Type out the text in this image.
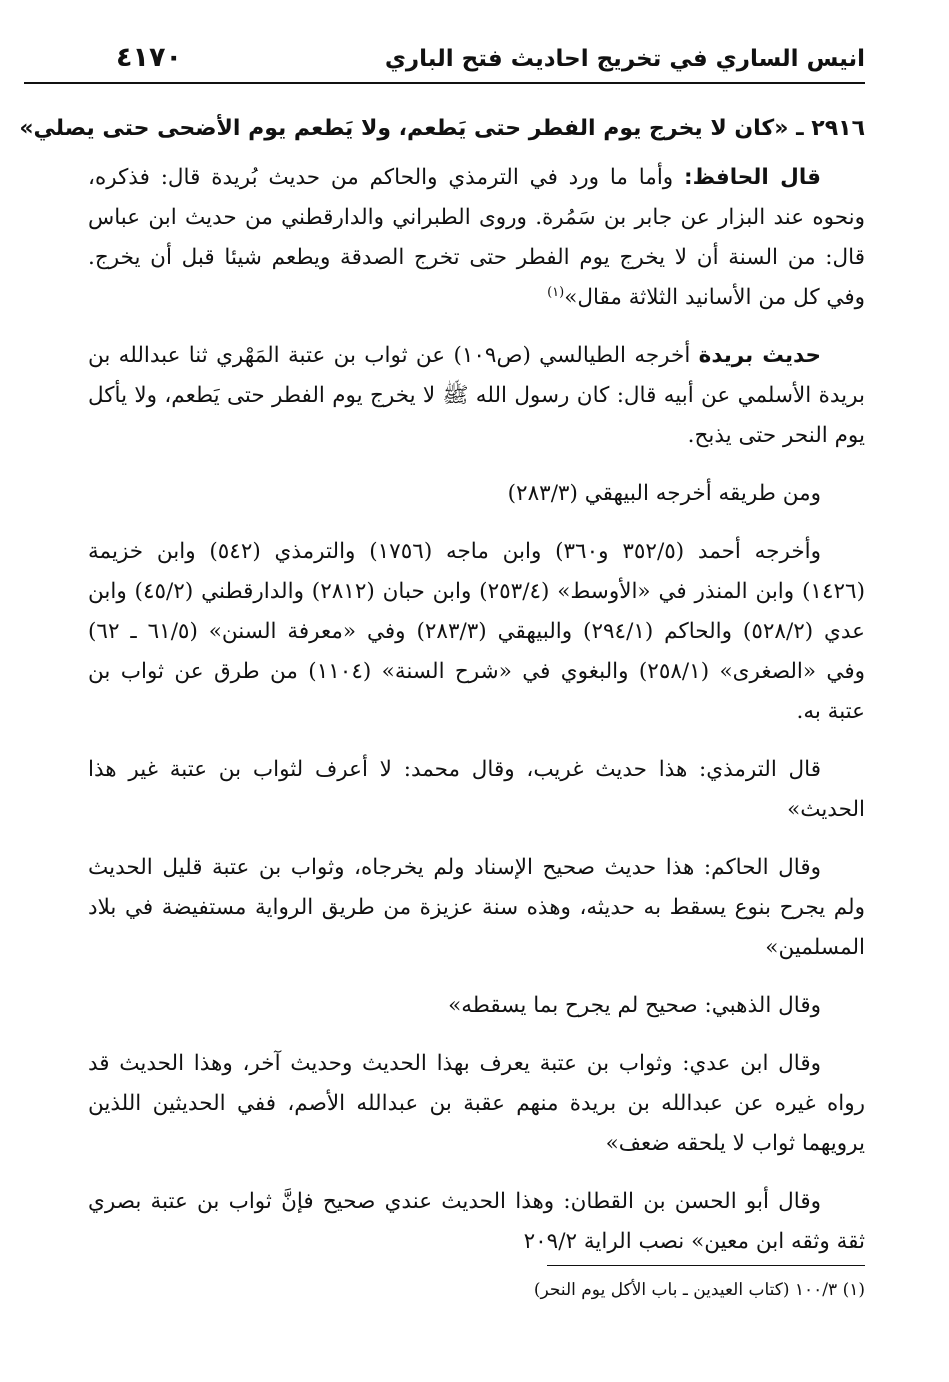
انيس الساري في تخريج احاديث فتح الباري
٤١٧٠
٢٩١٦ ـ «كان لا يخرج يوم الفطر حتى يَطعم، ولا يَطعم يوم الأضحى حتى يصلي»

قال الحافظ: وأما ما ورد في الترمذي والحاكم من حديث بُريدة قال: فذكره، ونحوه عند البزار عن جابر بن سَمُرة. وروى الطبراني والدارقطني من حديث ابن عباس قال: من السنة أن لا يخرج يوم الفطر حتى تخرج الصدقة ويطعم شيئا قبل أن يخرج. وفي كل من الأسانيد الثلاثة مقال»$^{(١)}$

حديث بريدة أخرجه الطيالسي (ص١٠٩) عن ثواب بن عتبة المَهْري ثنا عبدالله بن بريدة الأسلمي عن أبيه قال: كان رسول الله ﷺ لا يخرج يوم الفطر حتى يَطعم، ولا يأكل يوم النحر حتى يذبح.

ومن طريقه أخرجه البيهقي (٢٨٣/٣)

وأخرجه أحمد (٣٥٢/٥ و٣٦٠) وابن ماجه (١٧٥٦) والترمذي (٥٤٢) وابن خزيمة (١٤٢٦) وابن المنذر في «الأوسط» (٢٥٣/٤) وابن حبان (٢٨١٢) والدارقطني (٤٥/٢) وابن عدي (٥٢٨/٢) والحاكم (٢٩٤/١) والبيهقي (٢٨٣/٣) وفي «معرفة السنن» (٦١/٥ ـ ٦٢) وفي «الصغرى» (٢٥٨/١) والبغوي في «شرح السنة» (١١٠٤) من طرق عن ثواب بن عتبة به.

قال الترمذي: هذا حديث غريب، وقال محمد: لا أعرف لثواب بن عتبة غير هذا الحديث»

وقال الحاكم: هذا حديث صحيح الإسناد ولم يخرجاه، وثواب بن عتبة قليل الحديث ولم يجرح بنوع يسقط به حديثه، وهذه سنة عزيزة من طريق الرواية مستفيضة في بلاد المسلمين»

وقال الذهبي: صحيح لم يجرح بما يسقطه»

وقال ابن عدي: وثواب بن عتبة يعرف بهذا الحديث وحديث آخر، وهذا الحديث قد رواه غيره عن عبدالله بن بريدة منهم عقبة بن عبدالله الأصم، ففي الحديثين اللذين يرويهما ثواب لا يلحقه ضعف»

وقال أبو الحسن بن القطان: وهذا الحديث عندي صحيح فإنَّ ثواب بن عتبة بصري ثقة وثقه ابن معين» نصب الراية ٢٠٩/٢

(١) ١٠٠/٣ (كتاب العيدين ـ باب الأكل يوم النحر)
